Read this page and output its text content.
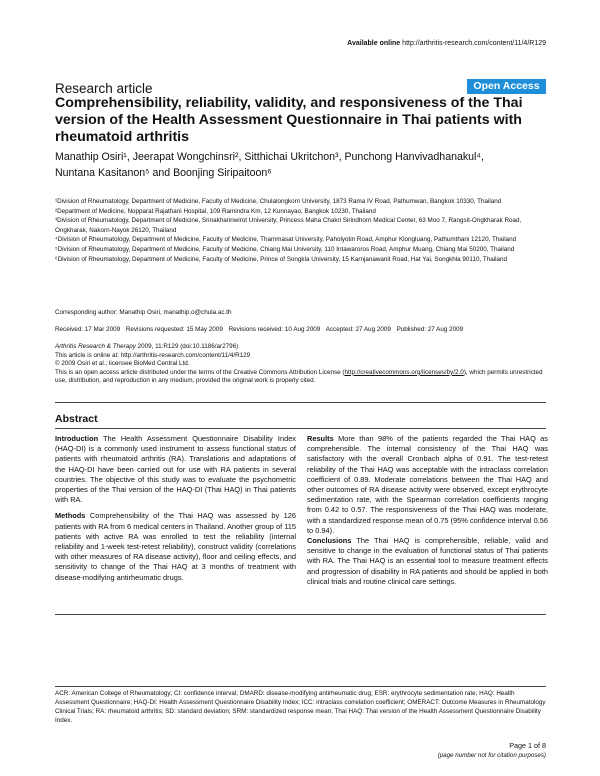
Available online http://arthritis-research.com/content/11/4/R129
Research article	Open Access
Comprehensibility, reliability, validity, and responsiveness of the Thai version of the Health Assessment Questionnaire in Thai patients with rheumatoid arthritis
Manathip Osiri¹, Jeerapat Wongchinsri², Sitthichai Ukritchon³, Punchong Hanvivadhanakul⁴,
Nuntana Kasitanon⁵ and Boonjing Siripaitoon⁶

¹Division of Rheumatology, Department of Medicine, Faculty of Medicine, Chulalongkorn University, 1873 Rama IV Road, Pathumwan, Bangkok 10330, Thailand

²Department of Medicine, Nopparat Rajathani Hospital, 109 Ramindra Km, 12 Kunnayao, Bangkok 10230, Thailand

³Division of Rheumatology, Department of Medicine, Srinakharinwirot University, Princess Maha Chakri Sirindhorn Medical Center, 63 Moo 7, Rangsit-Ongkharak Road, Ongkharak, Nakorn-Nayok 26120, Thailand

⁴Division of Rheumatology, Department of Medicine, Faculty of Medicine, Thammasat University, Paholyotin Road, Amphur Klongluang, Pathumthani 12120, Thailand

⁵Division of Rheumatology, Department of Medicine, Faculty of Medicine, Chiang Mai University, 110 Intawaroros Road, Amphur Muang, Chiang Mai 50200, Thailand

⁶Division of Rheumatology, Department of Medicine, Faculty of Medicine, Prince of Songkla University, 15 Karnjanawanit Road, Hat Yai, Songkhla 90110, Thailand

Corresponding author: Manathip Osiri, manathip.o@chula.ac.th
Received: 17 Mar 2009 Revisions requested: 15 May 2009 Revisions received: 10 Aug 2009 Accepted: 27 Aug 2009 Published: 27 Aug 2009
Arthritis Research & Therapy 2009, 11:R129 (doi:10.1186/ar2796)
This article is online at: http://arthritis-research.com/content/11/4/R129
© 2009 Osiri et al.; licensee BioMed Central Ltd.
This is an open access article distributed under the terms of the Creative Commons Attribution License (http://creativecommons.org/licenses/by/2.0), which permits unrestricted use, distribution, and reproduction in any medium, provided the original work is properly cited.
Abstract

Introduction The Health Assessment Questionnaire Disability Index (HAQ-DI) is a commonly used instrument to assess functional status of patients with rheumatoid arthritis (RA). Translations and adaptations of the HAQ-DI have been carried out for use with RA patients in several countries. The objective of this study was to evaluate the psychometric properties of the Thai version of the HAQ-DI (Thai HAQ) in Thai patients with RA.

Methods Comprehensibility of the Thai HAQ was assessed by 126 patients with RA from 6 medical centers in Thailand. Another group of 115 patients with active RA was enrolled to test the reliability (internal reliability and 1-week test-retest reliability), construct validity (correlations with other measures of RA disease activity), floor and ceiling effects, and sensitivity to change of the Thai HAQ at 3 months of treatment with disease-modifying antirheumatic drugs.

Results More than 98% of the patients regarded the Thai HAQ as comprehensible. The internal consistency of the Thai HAQ was satisfactory with the overall Cronbach alpha of 0.91. The test-retest reliability of the Thai HAQ was acceptable with the intraclass correlation coefficient of 0.89. Moderate correlations between the Thai HAQ and other outcomes of RA disease activity were observed, except erythrocyte sedimentation rate, with the Spearman correlation coefficients ranging from 0.42 to 0.57. The responsiveness of the Thai HAQ was moderate, with a standardized response mean of 0.75 (95% confidence interval 0.56 to 0.94).

Conclusions The Thai HAQ is comprehensible, reliable, valid and sensitive to change in the evaluation of functional status of Thai patients with RA. The Thai HAQ is an essential tool to measure treatment effects and progression of disability in RA patients and should be applied in both clinical trials and routine clinical care settings.

ACR: American College of Rheumatology; CI: confidence interval; DMARD: disease-modifying antirheumatic drug; ESR: erythrocyte sedimentation rate; HAQ: Health Assessment Questionnaire; HAQ-DI: Health Assessment Questionnaire Disability Index; ICC: intraclass correlation coefficient; OMERACT: Outcome Measures in Rheumatology Clinical Trials; RA: rheumatoid arthritis; SD: standard deviation; SRM: standardized response mean; Thai HAQ: Thai version of the Health Assessment Questionnaire Disability Index.
Page 1 of 8
(page number not for citation purposes)
